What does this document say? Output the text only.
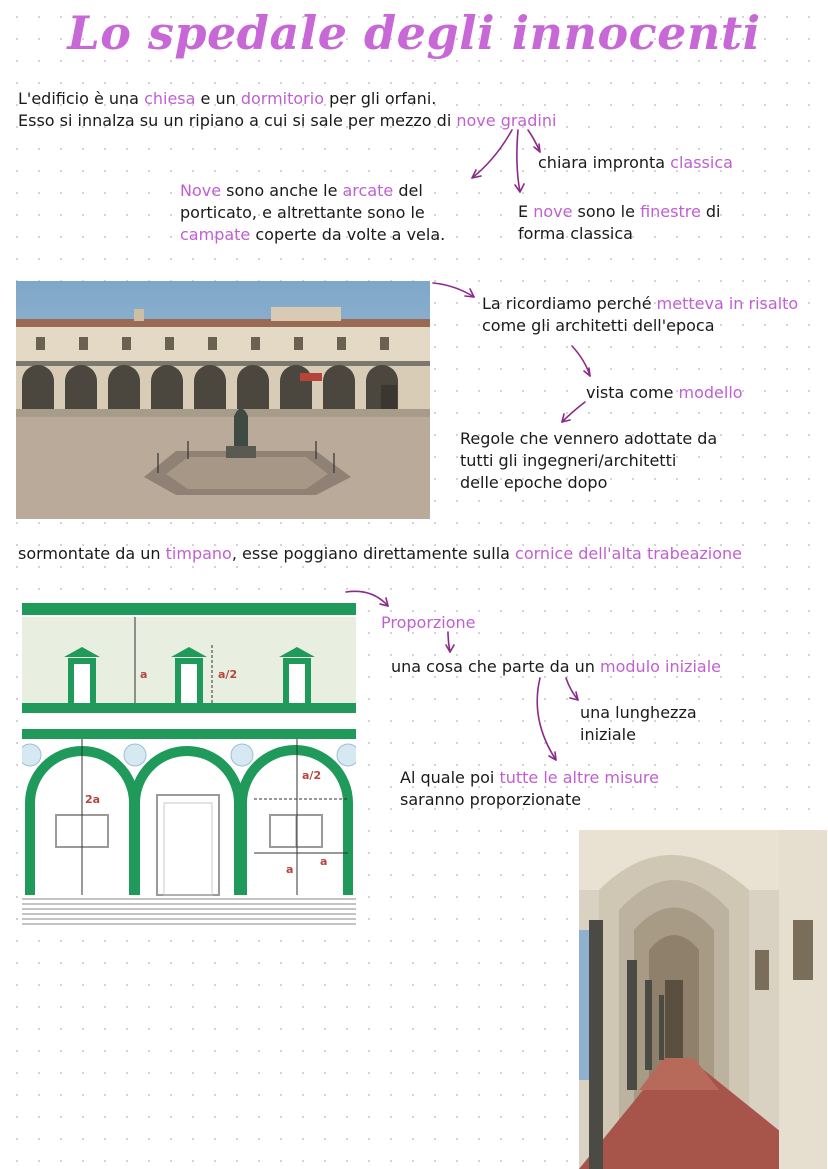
Lo spedale degli innocenti
L'edificio è una chiesa e un dormitorio per gli orfani.
Esso si innalza su un ripiano a cui si sale per mezzo di nove gradini
chiara impronta classica
Nove sono anche le arcate del porticato, e altrettante sono le campate coperte da volte a vela.
E nove sono le finestre di forma classica
La ricordiamo perché metteva in risalto come gli architetti dell'epoca
vista come modello
Regole che vennero adottate da tutti gli ingegneri/architetti delle epoche dopo
sormontate da un timpano, esse poggiano direttamente sulla cornice dell'alta trabeazione
a	a/2
2a
a/2
a
a
Proporzione
una cosa che parte da un modulo iniziale
una lunghezza iniziale
Al quale poi tutte le altre misure saranno proporzionate
